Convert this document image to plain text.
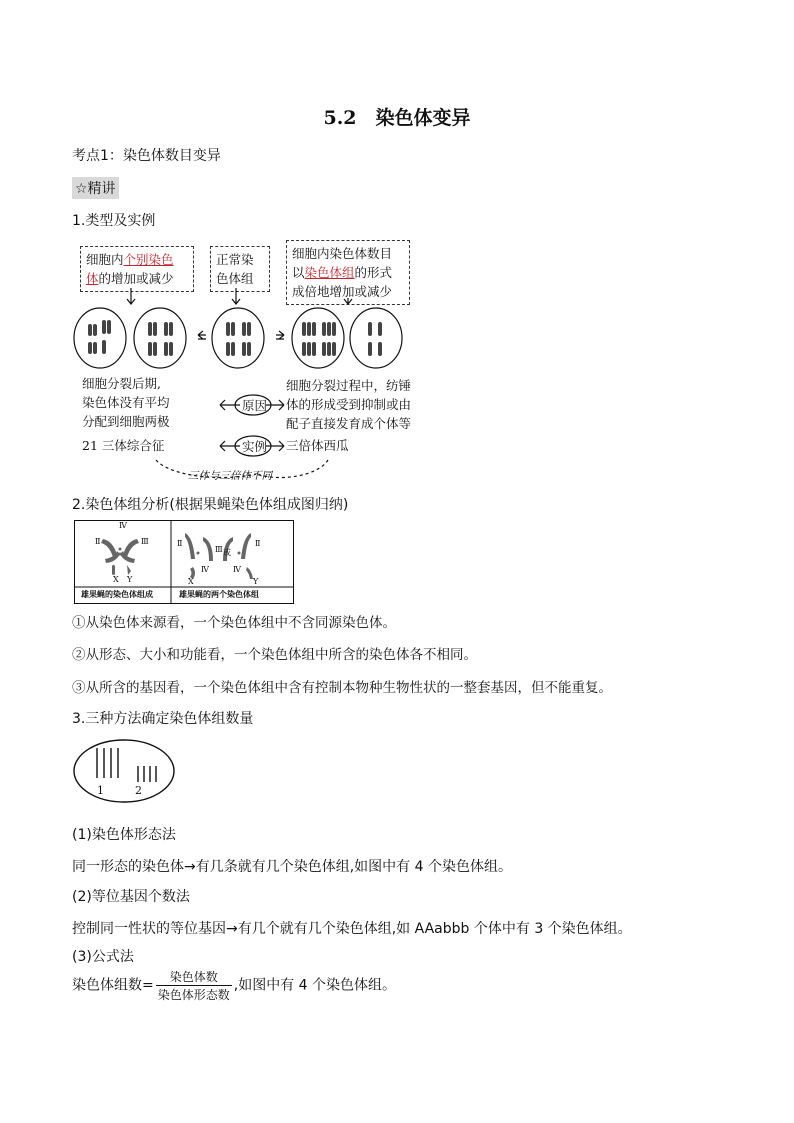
5.2　染色体变异
考点1：染色体数目变异
☆精讲
1.类型及实例
细胞内个别染色
体的增加或减少
正常染
色体组
细胞内染色体数目
以染色体组的形式
成倍地增加或减少
细胞分裂后期,
染色体没有平均
分配到细胞两极
原因
细胞分裂过程中，纺锤
体的形成受到抑制或由
配子直接发育成个体等
21 三体综合征	实例 三倍体西瓜
三体与三倍体不同
2.染色体组分析(根据果蝇染色体组成图归纳)
Ⅳ
Ⅱ	Ⅲ
X Y
Ⅱ
Ⅲ
Ⅳ
X
或
Ⅱ
Ⅳ
Y
雄果蝇的染色体组成	雄果蝇的两个染色体组
①从染色体来源看，一个染色体组中不含同源染色体。
②从形态、大小和功能看，一个染色体组中所含的染色体各不相同。
③从所含的基因看，一个染色体组中含有控制本物种生物性状的一整套基因，但不能重复。
3.三种方法确定染色体组数量
1	2
(1)染色体形态法
同一形态的染色体→有几条就有几个染色体组,如图中有 4 个染色体组。
(2)等位基因个数法
控制同一性状的等位基因→有几个就有几个染色体组,如 AAabbb 个体中有 3 个染色体组。
(3)公式法
染色体组数= $\frac{\text{染色体数}}{\text{染色体形态数}}$ ,如图中有 4 个染色体组。
